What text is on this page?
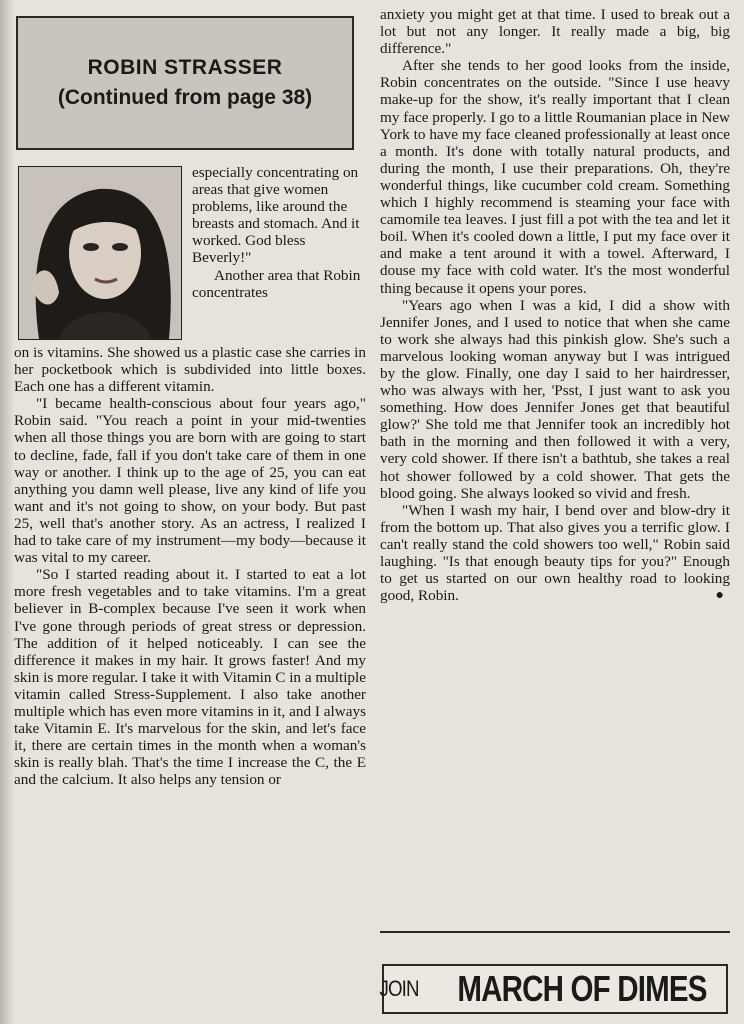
ROBIN STRASSER

(Continued from page 38)

especially concentrating on areas that give women problems, like around the breasts and stomach. And it worked. God bless Beverly!"

Another area that Robin concentrates

on is vitamins. She showed us a plastic case she carries in her pocketbook which is subdivided into little boxes. Each one has a different vitamin.

"I became health-conscious about four years ago," Robin said. "You reach a point in your mid-twenties when all those things you are born with are going to start to decline, fade, fall if you don't take care of them in one way or another. I think up to the age of 25, you can eat anything you damn well please, live any kind of life you want and it's not going to show, on your body. But past 25, well that's another story. As an actress, I realized I had to take care of my instrument—my body—because it was vital to my career.

"So I started reading about it. I started to eat a lot more fresh vegetables and to take vitamins. I'm a great believer in B-complex because I've seen it work when I've gone through periods of great stress or depression. The addition of it helped noticeably. I can see the difference it makes in my hair. It grows faster! And my skin is more regular. I take it with Vitamin C in a multiple vitamin called Stress-Supplement. I also take another multiple which has even more vitamins in it, and I always take Vitamin E. It's marvelous for the skin, and let's face it, there are certain times in the month when a woman's skin is really blah. That's the time I increase the C, the E and the calcium. It also helps any tension or

anxiety you might get at that time. I used to break out a lot but not any longer. It really made a big, big difference."

After she tends to her good looks from the inside, Robin concentrates on the outside. "Since I use heavy make-up for the show, it's really important that I clean my face properly. I go to a little Roumanian place in New York to have my face cleaned professionally at least once a month. It's done with totally natural products, and during the month, I use their preparations. Oh, they're wonderful things, like cucumber cold cream. Something which I highly recommend is steaming your face with camomile tea leaves. I just fill a pot with the tea and let it boil. When it's cooled down a little, I put my face over it and make a tent around it with a towel. Afterward, I douse my face with cold water. It's the most wonderful thing because it opens your pores.

"Years ago when I was a kid, I did a show with Jennifer Jones, and I used to notice that when she came to work she always had this pinkish glow. She's such a marvelous looking woman anyway but I was intrigued by the glow. Finally, one day I said to her hairdresser, who was always with her, 'Psst, I just want to ask you something. How does Jennifer Jones get that beautiful glow?' She told me that Jennifer took an incredibly hot bath in the morning and then followed it with a very, very cold shower. If there isn't a bathtub, she takes a real hot shower followed by a cold shower. That gets the blood going. She always looked so vivid and fresh.

"When I wash my hair, I bend over and blow-dry it from the bottom up. That also gives you a terrific glow. I can't really stand the cold showers too well," Robin said laughing. "Is that enough beauty tips for you?" Enough to get us started on our own healthy road to looking good, Robin.	●

JOIN MARCH OF DIMES
